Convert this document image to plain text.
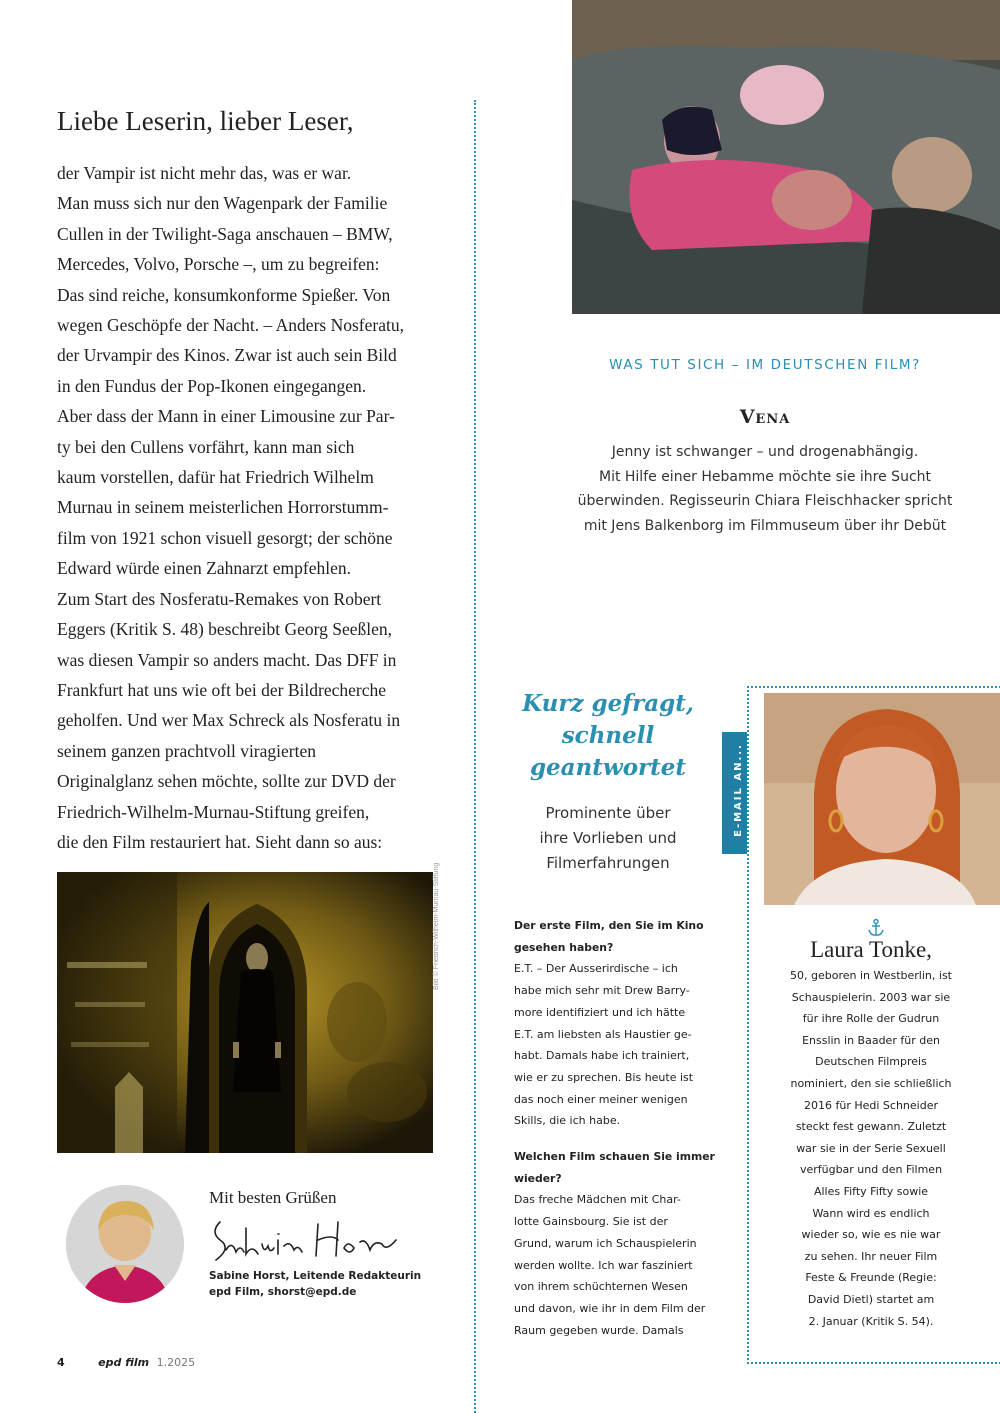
Liebe Leserin, lieber Leser,
der Vampir ist nicht mehr das, was er war.
Man muss sich nur den Wagenpark der Familie
Cullen in der Twilight-Saga anschauen – BMW,
Mercedes, Volvo, Porsche –, um zu begreifen:
Das sind reiche, konsumkonforme Spießer. Von
wegen Geschöpfe der Nacht. – Anders Nosferatu,
der Urvampir des Kinos. Zwar ist auch sein Bild
in den Fundus der Pop-Ikonen eingegangen.
Aber dass der Mann in einer Limousine zur Par-
ty bei den Cullens vorfährt, kann man sich
kaum vorstellen, dafür hat Friedrich Wilhelm
Murnau in seinem meisterlichen Horrorstumm-
film von 1921 schon visuell gesorgt; der schöne
Edward würde einen Zahnarzt empfehlen.
Zum Start des Nosferatu-Remakes von Robert
Eggers (Kritik S. 48) beschreibt Georg Seeßlen,
was diesen Vampir so anders macht. Das DFF in
Frankfurt hat uns wie oft bei der Bildrecherche
geholfen. Und wer Max Schreck als Nosferatu in
seinem ganzen prachtvoll viragierten
Originalglanz sehen möchte, sollte zur DVD der
Friedrich-Wilhelm-Murnau-Stiftung greifen,
die den Film restauriert hat. Sieht dann so aus:
Bild © Friedrich-Wilhelm-Murnau-Stiftung
Mit besten Grüßen
Sabine Horst, Leitende Redakteurin
epd Film, shorst@epd.de
4	epd film 1.2025
WAS TUT SICH – IM DEUTSCHEN FILM?
Vena
Jenny ist schwanger – und drogenabhängig.
Mit Hilfe einer Hebamme möchte sie ihre Sucht
überwinden. Regisseurin Chiara Fleischhacker spricht
mit Jens Balkenborg im Filmmuseum über ihr Debüt
Kurz gefragt,
schnell
geantwortet
Prominente über
ihre Vorlieben und
Filmerfahrungen
E-MAIL AN...
Der erste Film, den Sie im Kino
gesehen haben?
E.T. – Der Ausserirdische – ich
habe mich sehr mit Drew Barry-
more identifiziert und ich hätte
E.T. am liebsten als Haustier ge-
habt. Damals habe ich trainiert,
wie er zu sprechen. Bis heute ist
das noch einer meiner wenigen
Skills, die ich habe.
Welchen Film schauen Sie immer
wieder?
Das freche Mädchen mit Char-
lotte Gainsbourg. Sie ist der
Grund, warum ich Schauspielerin
werden wollte. Ich war fasziniert
von ihrem schüchternen Wesen
und davon, wie ihr in dem Film der
Raum gegeben wurde. Damals
Laura Tonke,
50, geboren in Westberlin, ist
Schauspielerin. 2003 war sie
für ihre Rolle der Gudrun
Ensslin in Baader für den
Deutschen Filmpreis
nominiert, den sie schließlich
2016 für Hedi Schneider
steckt fest gewann. Zuletzt
war sie in der Serie Sexuell
verfügbar und den Filmen
Alles Fifty Fifty sowie
Wann wird es endlich
wieder so, wie es nie war
zu sehen. Ihr neuer Film
Feste & Freunde (Regie:
David Dietl) startet am
2. Januar (Kritik S. 54).
